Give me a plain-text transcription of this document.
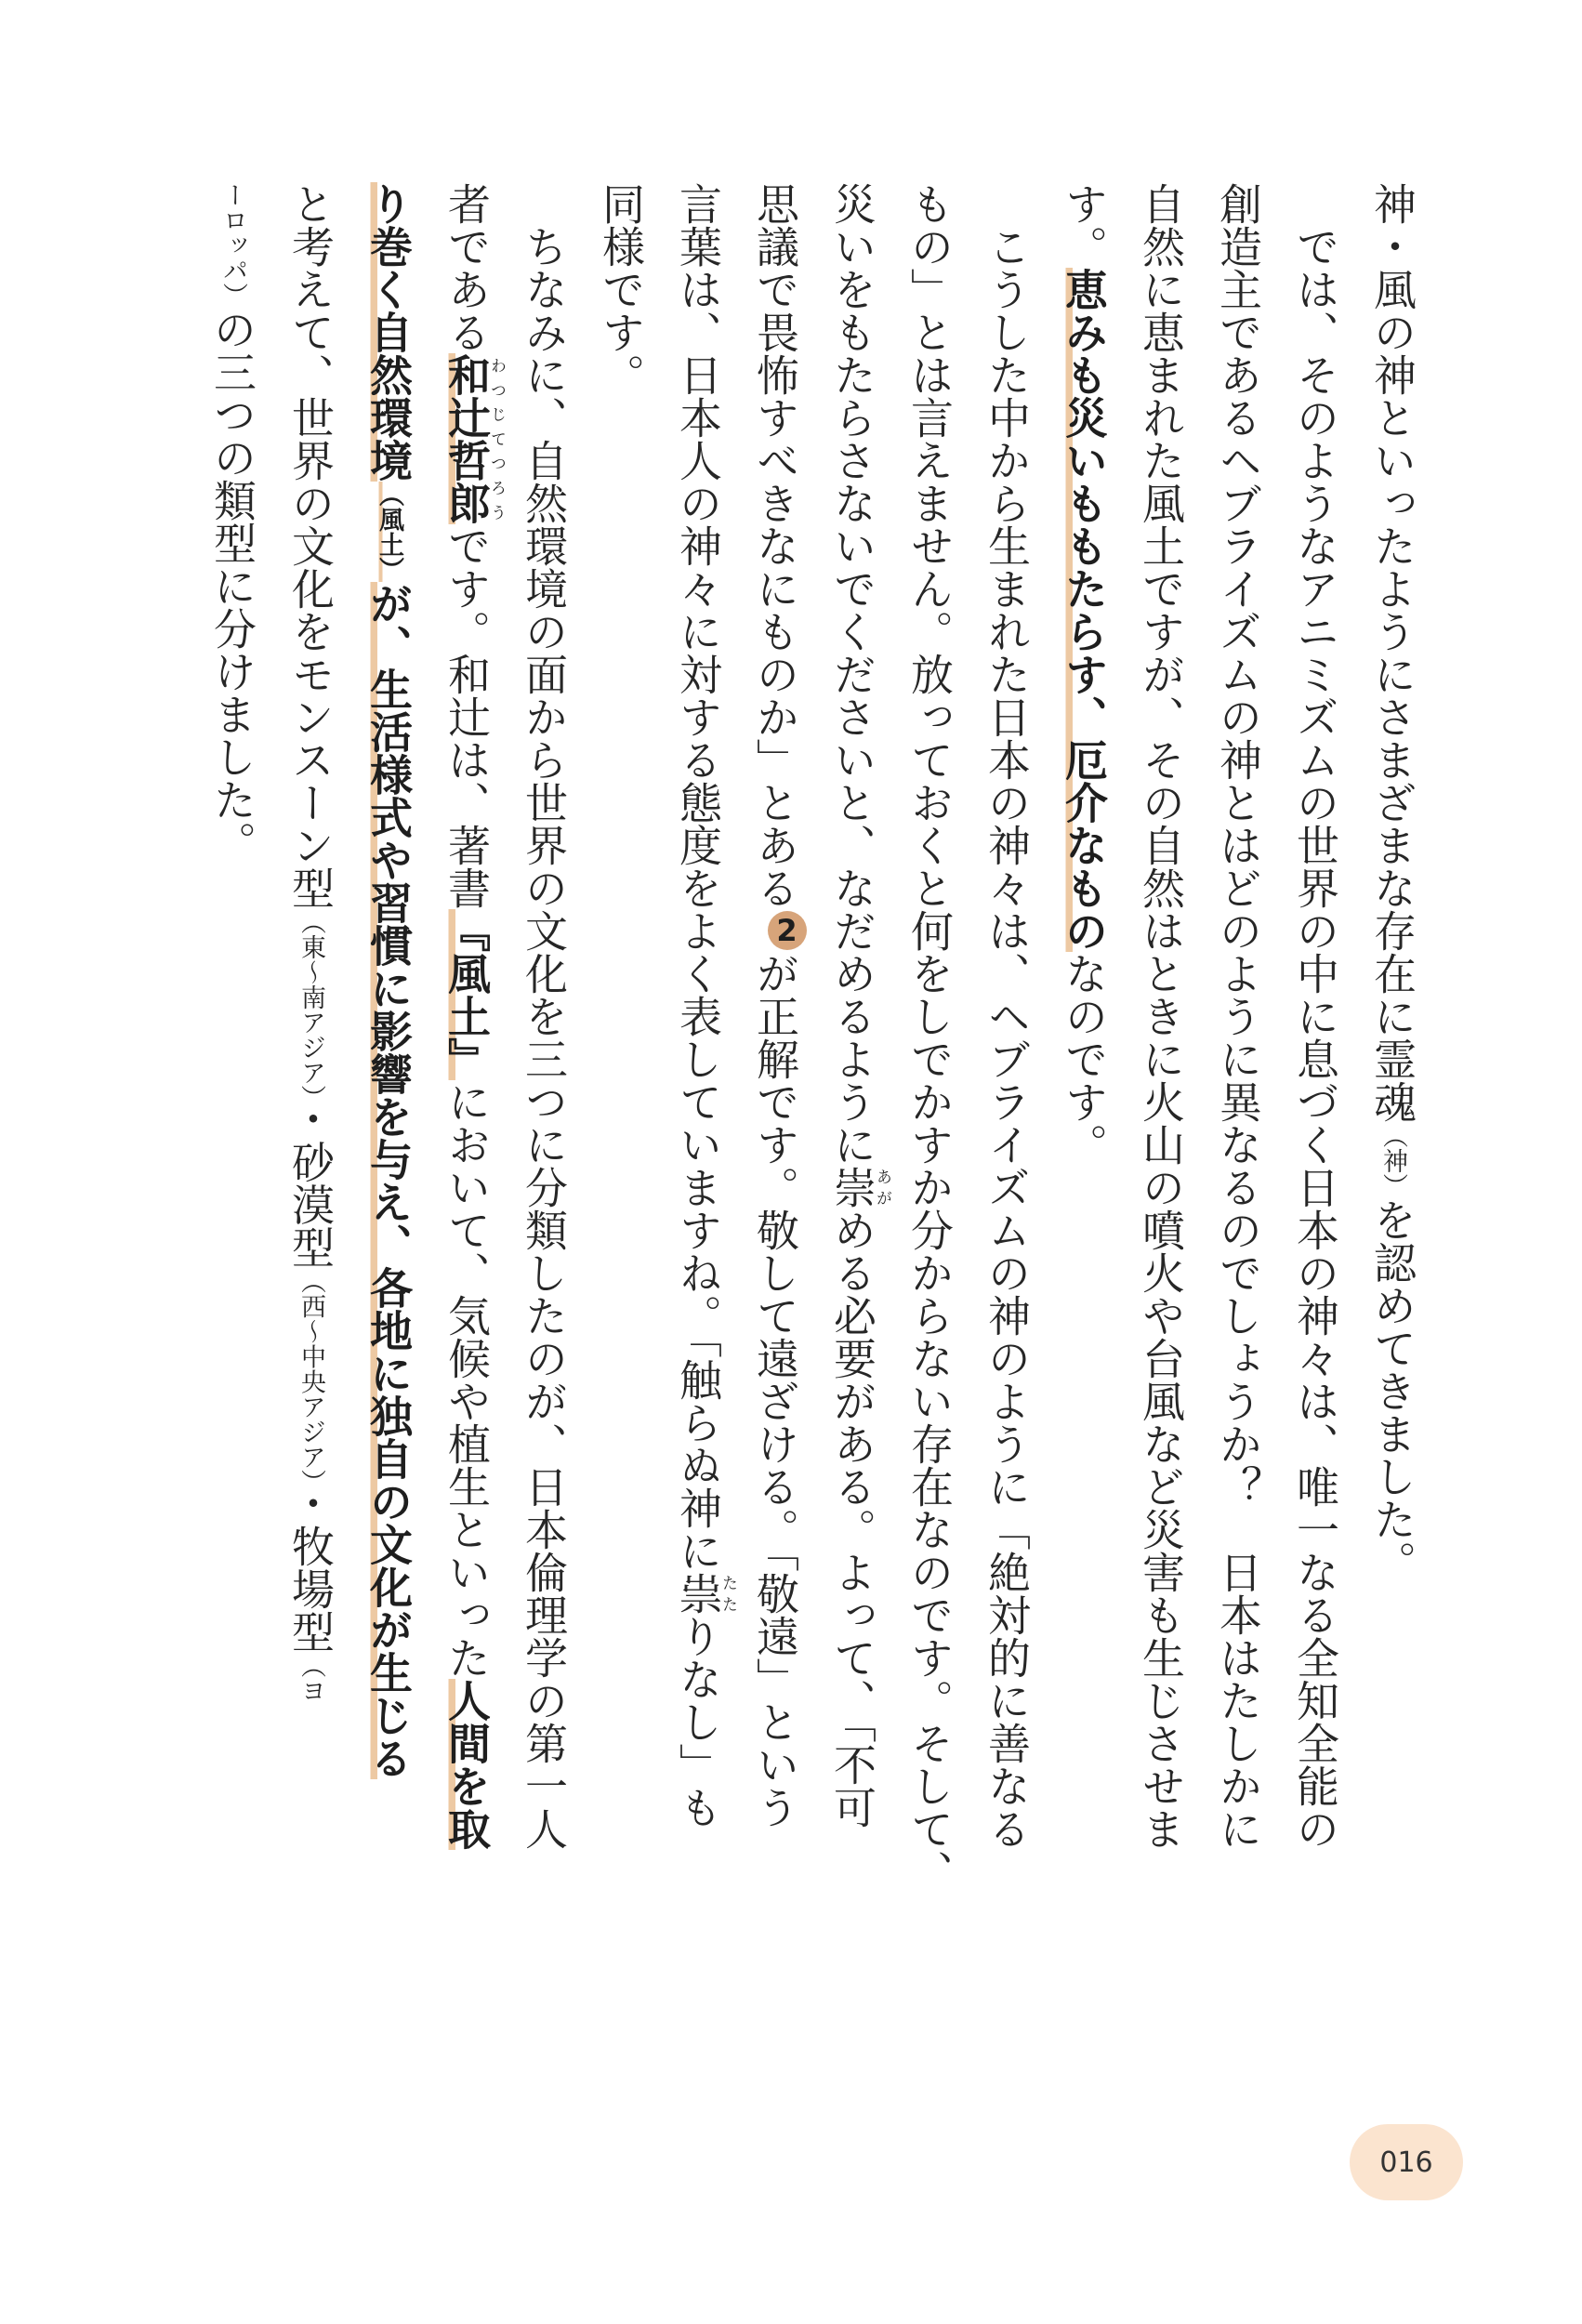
神・風の神といったようにさまざまな存在に霊魂（神）を認めてきました。

　では、そのようなアニミズムの世界の中に息づく日本の神々は、唯一なる全知全能の

創造主であるヘブライズムの神とはどのように異なるのでしょうか？　日本はたしかに

自然に恵まれた風土ですが、その自然はときに火山の噴火や台風など災害も生じさせま

す。恵みも災いももたらす、厄介なものなのです。

　こうした中から生まれた日本の神々は、ヘブライズムの神のように「絶対的に善なる

もの」とは言えません。放っておくと何をしでかすか分からない存在なのです。そして、

災いをもたらさないでくださいと、なだめるように崇あがめる必要がある。よって、「不可

思議で畏怖すべきなにものか」とある2が正解です。敬して遠ざける。「敬遠」という

言葉は、日本人の神々に対する態度をよく表していますね。「触らぬ神に祟たたりなし」も

同様です。

　ちなみに、自然環境の面から世界の文化を三つに分類したのが、日本倫理学の第一人

者である和辻哲郎わつじてつろうです。和辻は、著書『風土』において、気候や植生といった人間を取

り巻く自然環境（風土）が、生活様式や習慣に影響を与え、各地に独自の文化が生じる

と考えて、世界の文化をモンスーン型（東～南アジア）・砂漠型（西～中央アジア）・牧場型（ヨ

ーロッパ）の三つの類型に分けました。

016
